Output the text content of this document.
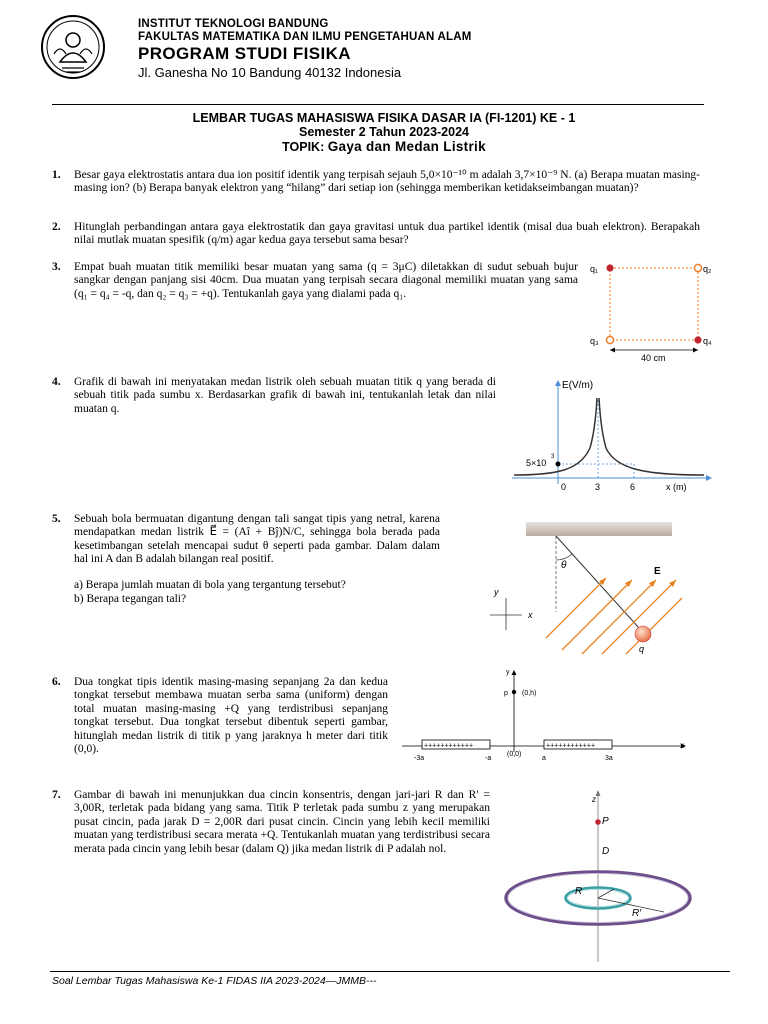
INSTITUT TEKNOLOGI BANDUNG
FAKULTAS MATEMATIKA DAN ILMU PENGETAHUAN ALAM
PROGRAM STUDI FISIKA
Jl. Ganesha No 10 Bandung 40132 Indonesia
LEMBAR TUGAS MAHASISWA FISIKA DASAR IA (FI-1201) KE - 1
Semester 2 Tahun 2023-2024
TOPIK: Gaya dan Medan Listrik
1. Besar gaya elektrostatis antara dua ion positif identik yang terpisah sejauh 5,0×10⁻¹⁰ m adalah 3,7×10⁻⁹ N. (a) Berapa muatan masing-masing ion? (b) Berapa banyak elektron yang “hilang” dari setiap ion (sehingga memberikan ketidakseimbangan muatan)?
2. Hitunglah perbandingan antara gaya elektrostatik dan gaya gravitasi untuk dua partikel identik (misal dua buah elektron). Berapakah nilai mutlak muatan spesifik (q/m) agar kedua gaya tersebut sama besar?
3. Empat buah muatan titik memiliki besar muatan yang sama (q = 3μC) diletakkan di sudut sebuah bujur sangkar dengan panjang sisi 40cm. Dua muatan yang terpisah secara diagonal memiliki muatan yang sama (q₁ = q₄ = -q, dan q₂ = q₃ = +q). Tentukanlah gaya yang dialami pada q₁.
q₁	q₂
q₃	q₄
40 cm
4. Grafik di bawah ini menyatakan medan listrik oleh sebuah muatan titik q yang berada di sebuah titik pada sumbu x. Berdasarkan grafik di bawah ini, tentukanlah letak dan nilai muatan q.
E(V/m)
5×10
3
0	3	6	x (m)
5. Sebuah bola bermuatan digantung dengan tali sangat tipis yang netral, karena mendapatkan medan listrik E⃗ = (Aî + Bĵ)N/C, sehingga bola berada pada kesetimbangan setelah mencapai sudut θ seperti pada gambar. Dalam dalam hal ini A dan B adalah bilangan real positif.
a) Berapa jumlah muatan di bola yang tergantung tersebut?
b) Berapa tegangan tali?
θ
E
q
y
x
6. Dua tongkat tipis identik masing-masing sepanjang 2a dan kedua tongkat tersebut membawa muatan serba sama (uniform) dengan total muatan masing-masing +Q yang terdistribusi sepanjang tongkat tersebut. Dua tongkat tersebut dibentuk seperti gambar, hitunglah medan listrik di titik p yang jaraknya h meter dari titik (0,0).
y
x
p (0,h)
++++++++++++	++++++++++++
(0,0)
-3a	-a	a	3a
7. Gambar di bawah ini menunjukkan dua cincin konsentris, dengan jari-jari R dan R′ = 3,00R, terletak pada bidang yang sama. Titik P terletak pada sumbu z yang merupakan pusat cincin, pada jarak D = 2,00R dari pusat cincin. Cincin yang lebih kecil memiliki muatan yang terdistribusi secara merata +Q. Tentukanlah muatan yang terdistribusi secara merata pada cincin yang lebih besar (dalam Q) jika medan listrik di P adalah nol.
z
P
D
R
R′
Soal Lembar Tugas Mahasiswa Ke-1 FIDAS IIA 2023-2024—JMMB---
